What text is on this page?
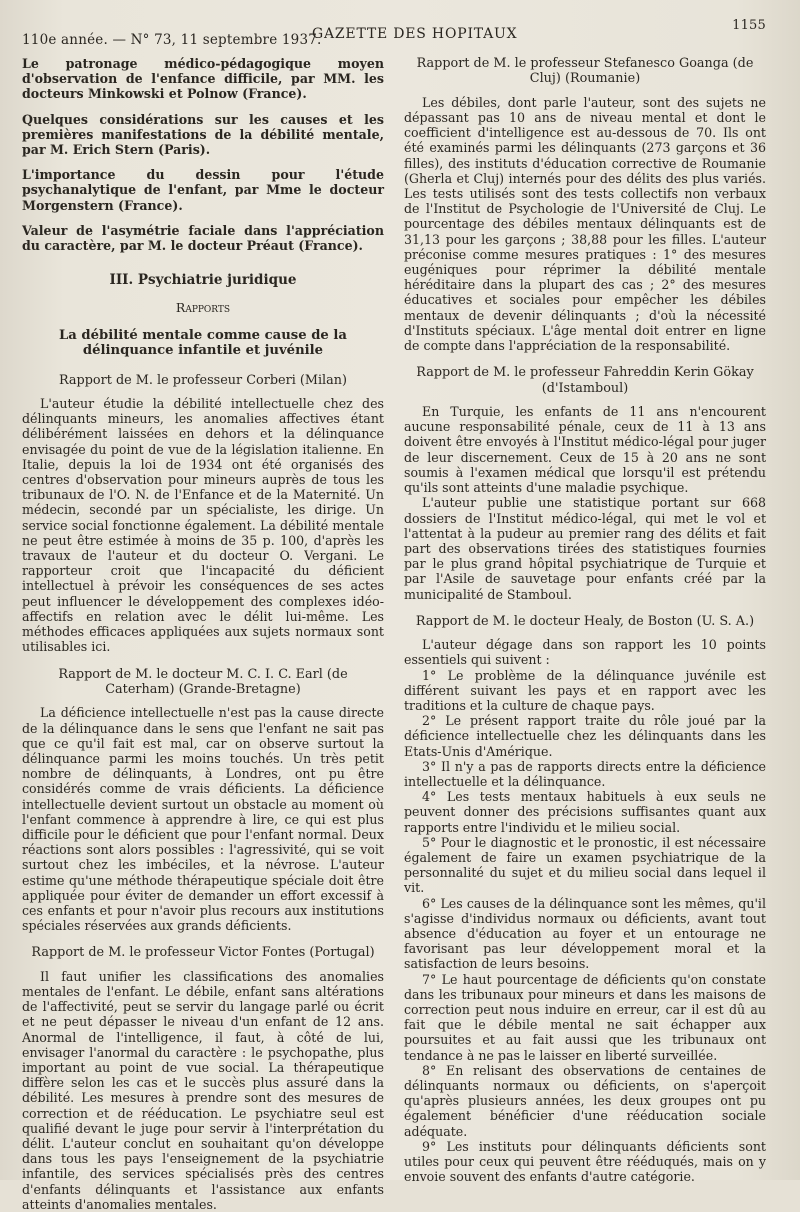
110e année. — N° 73, 11 septembre 1937.
GAZETTE DES HOPITAUX
1155

Le patronage médico-pédagogique moyen d'observation de l'enfance difficile, par MM. les docteurs Minkowski et Polnow (France).

Quelques considérations sur les causes et les premières manifestations de la débilité mentale, par M. Erich Stern (Paris).

L'importance du dessin pour l'étude psychanalytique de l'enfant, par Mme le docteur Morgenstern (France).

Valeur de l'asymétrie faciale dans l'appréciation du caractère, par M. le docteur Préaut (France).

III. Psychiatrie juridique

Rapports

La débilité mentale comme cause de la délinquance infantile et juvénile

Rapport de M. le professeur Corberi (Milan)

L'auteur étudie la débilité intellectuelle chez des délinquants mineurs, les anomalies affectives étant délibérément laissées en dehors et la délinquance envisagée du point de vue de la législation italienne. En Italie, depuis la loi de 1934 ont été organisés des centres d'observation pour mineurs auprès de tous les tribunaux de l'O. N. de l'Enfance et de la Maternité. Un médecin, secondé par un spécialiste, les dirige. Un service social fonctionne également. La débilité mentale ne peut être estimée à moins de 35 p. 100, d'après les travaux de l'auteur et du docteur O. Vergani. Le rapporteur croit que l'incapacité du déficient intellectuel à prévoir les conséquences de ses actes peut influencer le développement des complexes idéo-affectifs en relation avec le délit lui-même. Les méthodes efficaces appliquées aux sujets normaux sont utilisables ici.

Rapport de M. le docteur M. C. I. C. Earl (de Caterham) (Grande-Bretagne)

La déficience intellectuelle n'est pas la cause directe de la délinquance dans le sens que l'enfant ne sait pas que ce qu'il fait est mal, car on observe surtout la délinquance parmi les moins touchés. Un très petit nombre de délinquants, à Londres, ont pu être considérés comme de vrais déficients. La déficience intellectuelle devient surtout un obstacle au moment où l'enfant commence à apprendre à lire, ce qui est plus difficile pour le déficient que pour l'enfant normal. Deux réactions sont alors possibles : l'agressivité, qui se voit surtout chez les imbéciles, et la névrose. L'auteur estime qu'une méthode thérapeutique spéciale doit être appliquée pour éviter de demander un effort excessif à ces enfants et pour n'avoir plus recours aux institutions spéciales réservées aux grands déficients.

Rapport de M. le professeur Victor Fontes (Portugal)

Il faut unifier les classifications des anomalies mentales de l'enfant. Le débile, enfant sans altérations de l'affectivité, peut se servir du langage parlé ou écrit et ne peut dépasser le niveau d'un enfant de 12 ans. Anormal de l'intelligence, il faut, à côté de lui, envisager l'anormal du caractère : le psychopathe, plus important au point de vue social. La thérapeutique diffère selon les cas et le succès plus assuré dans la débilité. Les mesures à prendre sont des mesures de correction et de rééducation. Le psychiatre seul est qualifié devant le juge pour servir à l'interprétation du délit. L'auteur conclut en souhaitant qu'on développe dans tous les pays l'enseignement de la psychiatrie infantile, des services spécialisés près des centres d'enfants délinquants et l'assistance aux enfants atteints d'anomalies mentales.

Rapport de M. le professeur Stefanesco Goanga (de Cluj) (Roumanie)

Les débiles, dont parle l'auteur, sont des sujets ne dépassant pas 10 ans de niveau mental et dont le coefficient d'intelligence est au-dessous de 70. Ils ont été examinés parmi les délinquants (273 garçons et 36 filles), des instituts d'éducation corrective de Roumanie (Gherla et Cluj) internés pour des délits des plus variés. Les tests utilisés sont des tests collectifs non verbaux de l'Institut de Psychologie de l'Université de Cluj. Le pourcentage des débiles mentaux délinquants est de 31,13 pour les garçons ; 38,88 pour les filles. L'auteur préconise comme mesures pratiques : 1° des mesures eugéniques pour réprimer la débilité mentale héréditaire dans la plupart des cas ; 2° des mesures éducatives et sociales pour empêcher les débiles mentaux de devenir délinquants ; d'où la nécessité d'Instituts spéciaux. L'âge mental doit entrer en ligne de compte dans l'appréciation de la responsabilité.

Rapport de M. le professeur Fahreddin Kerin Gökay (d'Istamboul)

En Turquie, les enfants de 11 ans n'encourent aucune responsabilité pénale, ceux de 11 à 13 ans doivent être envoyés à l'Institut médico-légal pour juger de leur discernement. Ceux de 15 à 20 ans ne sont soumis à l'examen médical que lorsqu'il est prétendu qu'ils sont atteints d'une maladie psychique.

L'auteur publie une statistique portant sur 668 dossiers de l'Institut médico-légal, qui met le vol et l'attentat à la pudeur au premier rang des délits et fait part des observations tirées des statistiques fournies par le plus grand hôpital psychiatrique de Turquie et par l'Asile de sauvetage pour enfants créé par la municipalité de Stamboul.

Rapport de M. le docteur Healy, de Boston (U. S. A.)

L'auteur dégage dans son rapport les 10 points essentiels qui suivent :

1° Le problème de la délinquance juvénile est différent suivant les pays et en rapport avec les traditions et la culture de chaque pays.

2° Le présent rapport traite du rôle joué par la déficience intellectuelle chez les délinquants dans les Etats-Unis d'Amérique.

3° Il n'y a pas de rapports directs entre la déficience intellectuelle et la délinquance.

4° Les tests mentaux habituels à eux seuls ne peuvent donner des précisions suffisantes quant aux rapports entre l'individu et le milieu social.

5° Pour le diagnostic et le pronostic, il est nécessaire également de faire un examen psychiatrique de la personnalité du sujet et du milieu social dans lequel il vit.

6° Les causes de la délinquance sont les mêmes, qu'il s'agisse d'individus normaux ou déficients, avant tout absence d'éducation au foyer et un entourage ne favorisant pas leur développement moral et la satisfaction de leurs besoins.

7° Le haut pourcentage de déficients qu'on constate dans les tribunaux pour mineurs et dans les maisons de correction peut nous induire en erreur, car il est dû au fait que le débile mental ne sait échapper aux poursuites et au fait aussi que les tribunaux ont tendance à ne pas le laisser en liberté surveillée.

8° En relisant des observations de centaines de délinquants normaux ou déficients, on s'aperçoit qu'après plusieurs années, les deux groupes ont pu également bénéficier d'une rééducation sociale adéquate.

9° Les instituts pour délinquants déficients sont utiles pour ceux qui peuvent être rééduqués, mais on y envoie souvent des enfants d'autre catégorie.
